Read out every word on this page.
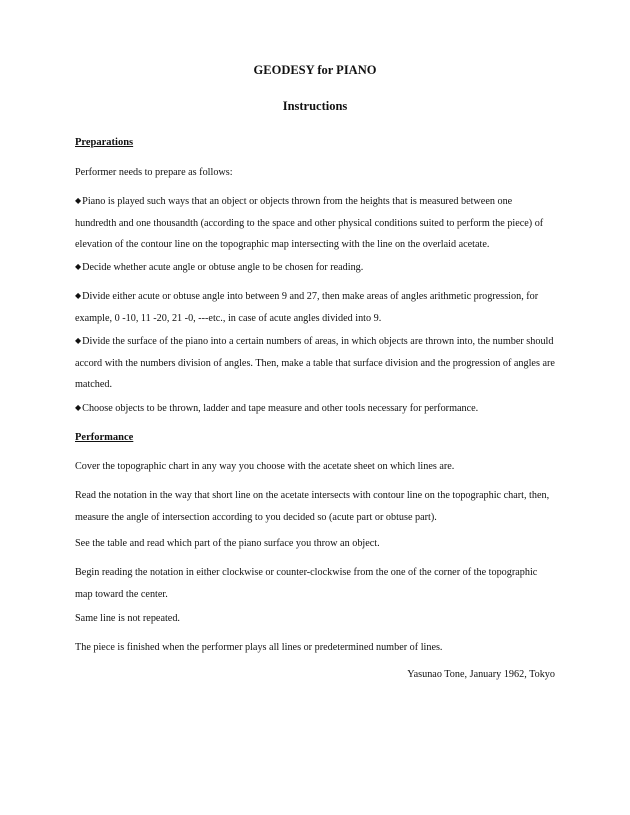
GEODESY for PIANO
Instructions
Preparations

Performer needs to prepare as follows:

◆Piano is played such ways that an object or objects thrown from the heights that is measured between one hundredth and one thousandth (according to the space and other physical conditions suited to perform the piece) of elevation of the contour line on the topographic map intersecting with the line on the overlaid acetate.

◆Decide whether acute angle or obtuse angle to be chosen for reading.

◆Divide either acute or obtuse angle into between 9 and 27, then make areas of angles arithmetic progression, for example, 0 -10, 11 -20, 21 -0, ---etc., in case of acute angles divided into 9.

◆Divide the surface of the piano into a certain numbers of areas, in which objects are thrown into, the number should accord with the numbers division of angles. Then, make a table that surface division and the progression of angles are matched.

◆Choose objects to be thrown, ladder and tape measure and other tools necessary for performance.

Performance

Cover the topographic chart in any way you choose with the acetate sheet on which lines are.

Read the notation in the way that short line on the acetate intersects with contour line on the topographic chart, then, measure the angle of intersection according to you decided so (acute part or obtuse part).

See the table and read which part of the piano surface you throw an object.

Begin reading the notation in either clockwise or counter-clockwise from the one of the corner of the topographic map toward the center.

Same line is not repeated.

The piece is finished when the performer plays all lines or predetermined number of lines.

Yasunao Tone, January 1962, Tokyo
